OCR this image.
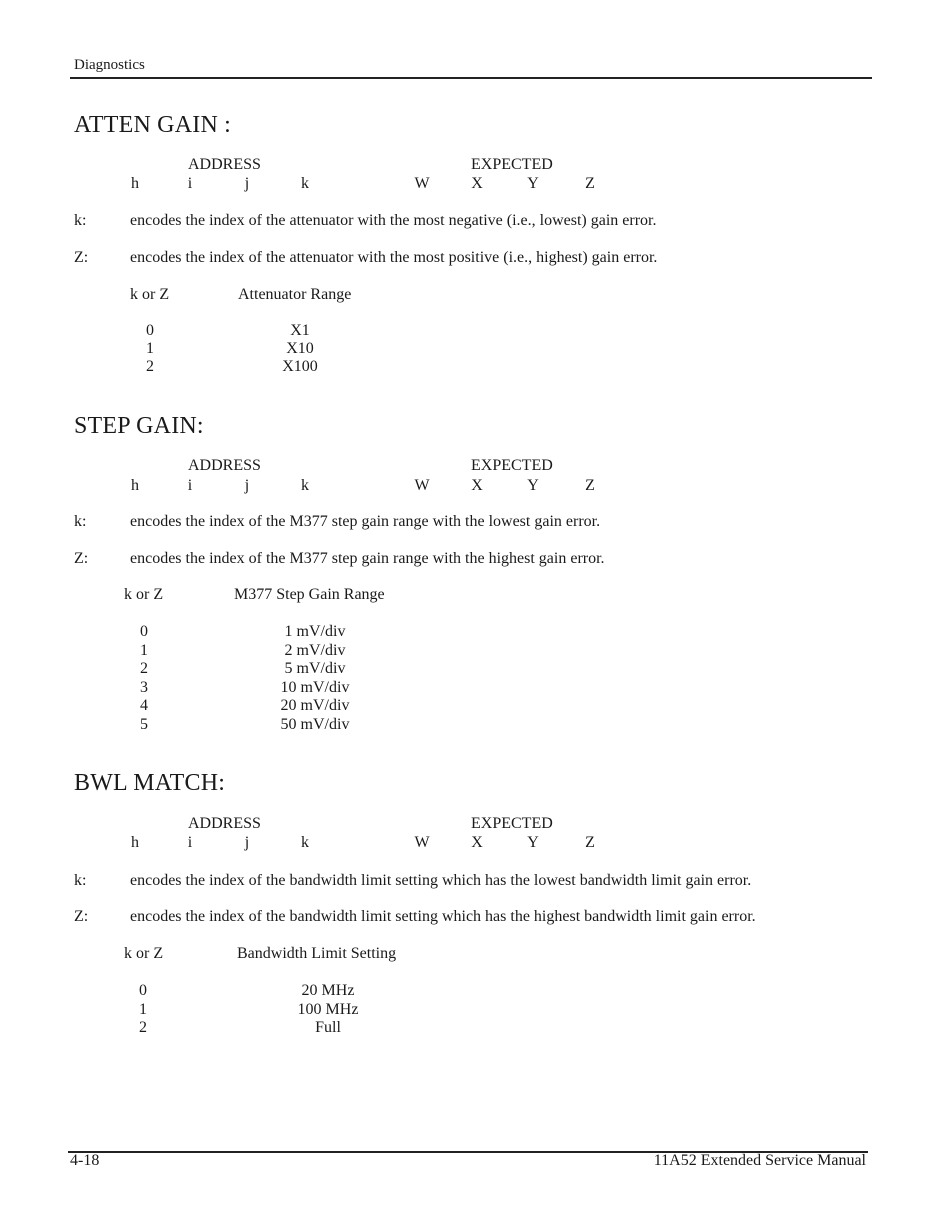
Diagnostics
ATTEN GAIN :
ADDRESS	EXPECTED
h	i	j	k	W	X	Y	Z
k:	encodes the index of the attenuator with the most negative (i.e., lowest) gain error.
Z:	encodes the index of the attenuator with the most positive (i.e., highest) gain error.
k or Z	Attenuator Range
0	X1
1	X10
2	X100
STEP GAIN:
ADDRESS	EXPECTED
h	i	j	k	W	X	Y	Z
k:	encodes the index of the M377 step gain range with the lowest gain error.
Z:	encodes the index of the M377 step gain range with the highest gain error.
k or Z	M377 Step Gain Range
0	1 mV/div
1	2 mV/div
2	5 mV/div
3	10 mV/div
4	20 mV/div
5	50 mV/div
BWL MATCH:
ADDRESS	EXPECTED
h	i	j	k	W	X	Y	Z
k:	encodes the index of the bandwidth limit setting which has the lowest bandwidth limit gain error.
Z:	encodes the index of the bandwidth limit setting which has the highest bandwidth limit gain error.
k or Z	Bandwidth Limit Setting
0	20 MHz
1	100 MHz
2	Full
4-18	11A52 Extended Service Manual
